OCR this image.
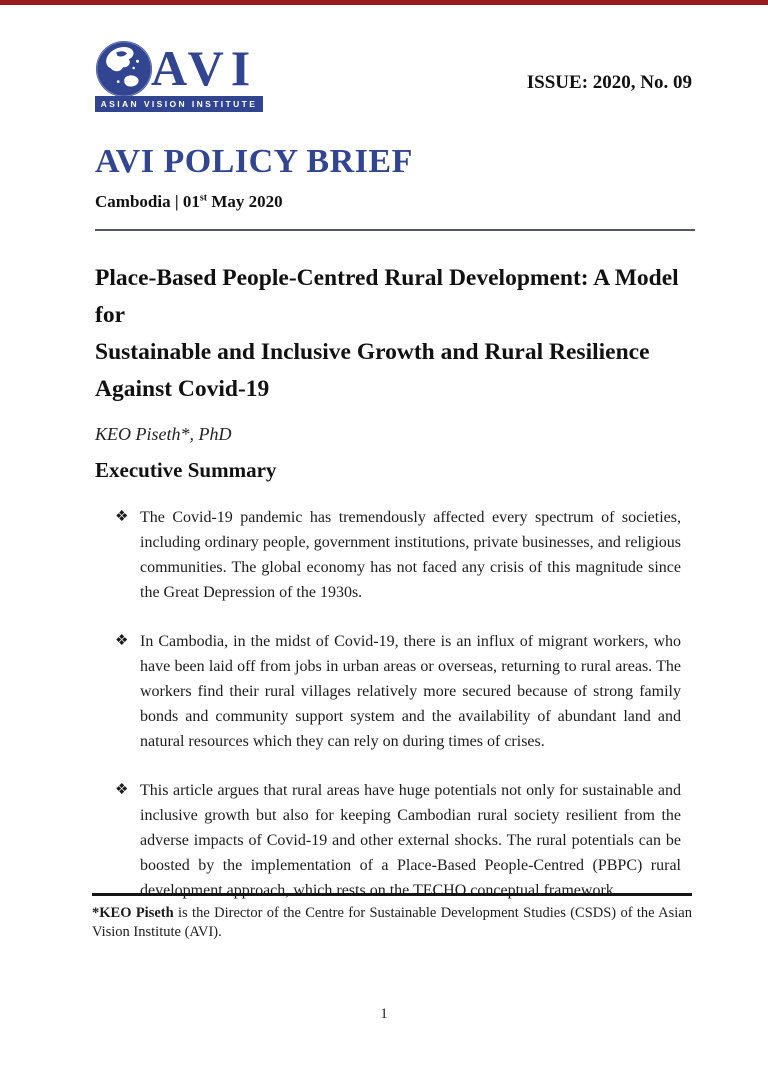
AVI
ASIAN VISION INSTITUTE
ISSUE: 2020, No. 09
AVI POLICY BRIEF
Cambodia | 01st May 2020
Place-Based People-Centred Rural Development: A Model for
Sustainable and Inclusive Growth and Rural Resilience
Against Covid-19
KEO Piseth*, PhD
Executive Summary
❖ The Covid-19 pandemic has tremendously affected every spectrum of societies, including ordinary people, government institutions, private businesses, and religious communities. The global economy has not faced any crisis of this magnitude since the Great Depression of the 1930s.
❖ In Cambodia, in the midst of Covid-19, there is an influx of migrant workers, who have been laid off from jobs in urban areas or overseas, returning to rural areas. The workers find their rural villages relatively more secured because of strong family bonds and community support system and the availability of abundant land and natural resources which they can rely on during times of crises.
❖ This article argues that rural areas have huge potentials not only for sustainable and inclusive growth but also for keeping Cambodian rural society resilient from the adverse impacts of Covid-19 and other external shocks. The rural potentials can be boosted by the implementation of a Place-Based People-Centred (PBPC) rural development approach, which rests on the TECHO conceptual framework.

*KEO Piseth is the Director of the Centre for Sustainable Development Studies (CSDS) of the Asian Vision Institute (AVI).

1
